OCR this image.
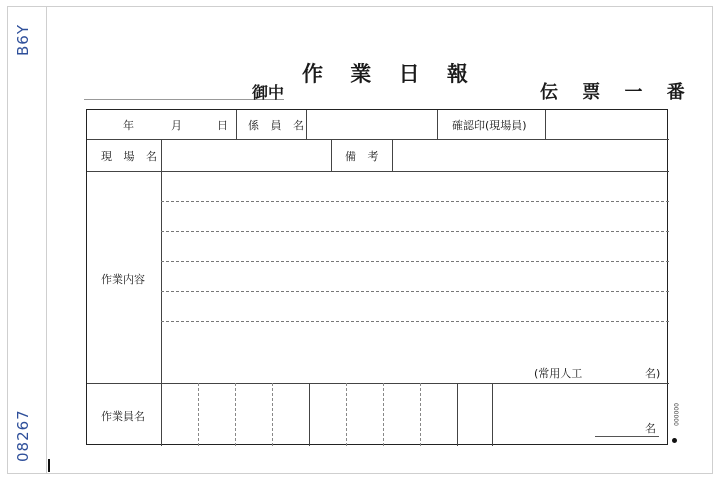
B6Y
08267
作 業 日 報
御中	伝 票 一 番
年	月	日 係 員 名	確認印(現場員)
現 場 名	備 考
作業内容
(常用人工	名)
作業員名
名
000000
